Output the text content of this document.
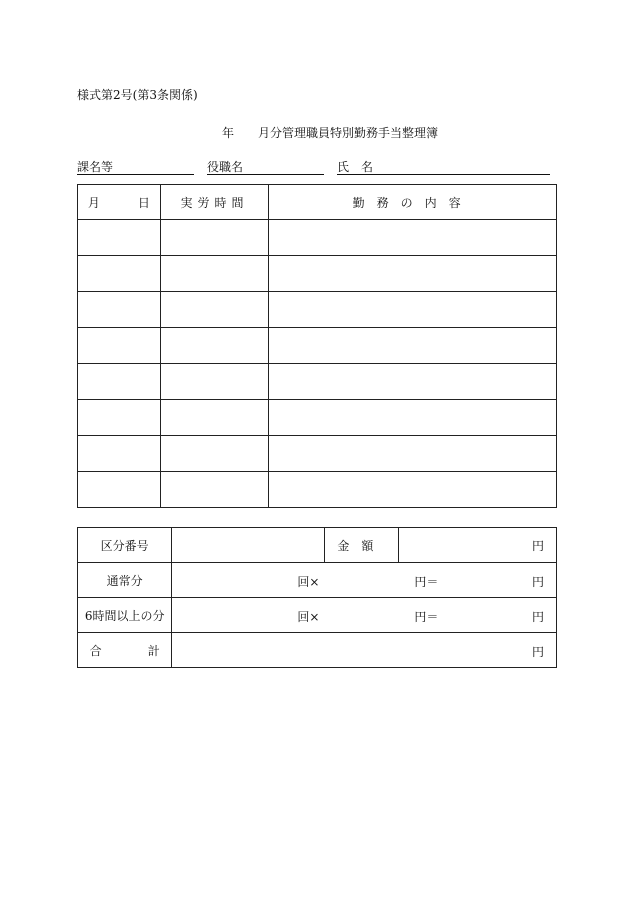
様式第2号(第3条関係)
年 月分管理職員特別勤務手当整理簿
課名等	役職名	氏名
月 日	実労時間	勤務の内容

区分番号		金額	円
通常分	回× 円＝ 円		

6時間以上の分	回× 円＝ 円		

合 計	円		
